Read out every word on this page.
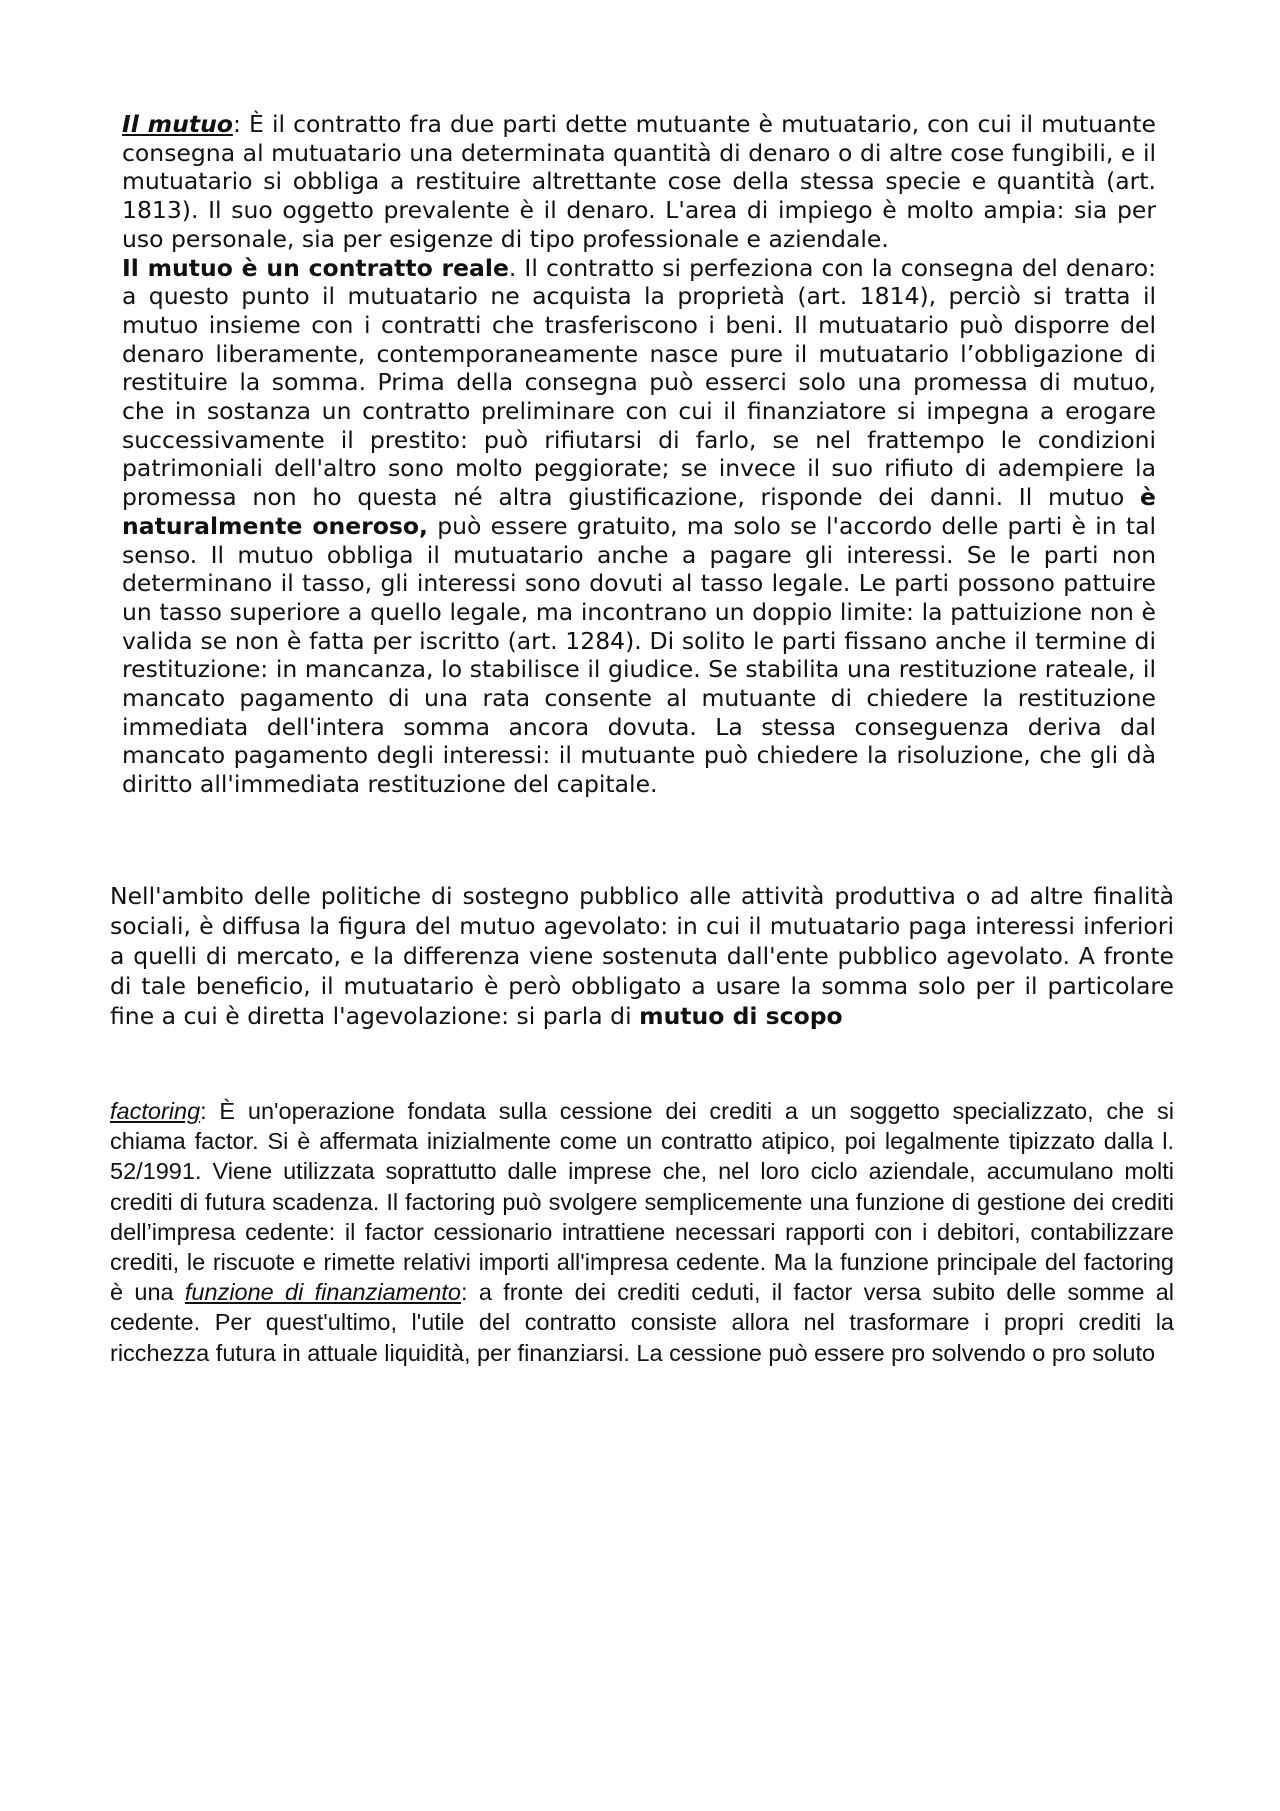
Il mutuo: È il contratto fra due parti dette mutuante è mutuatario, con cui il mutuante consegna al mutuatario una determinata quantità di denaro o di altre cose fungibili, e il mutuatario si obbliga a restituire altrettante cose della stessa specie e quantità (art. 1813). Il suo oggetto prevalente è il denaro. L'area di impiego è molto ampia: sia per uso personale, sia per esigenze di tipo professionale e aziendale.

Il mutuo è un contratto reale. Il contratto si perfeziona con la consegna del denaro: a questo punto il mutuatario ne acquista la proprietà (art. 1814), perciò si tratta il mutuo insieme con i contratti che trasferiscono i beni. Il mutuatario può disporre del denaro liberamente, contemporaneamente nasce pure il mutuatario l’obbligazione di restituire la somma. Prima della consegna può esserci solo una promessa di mutuo, che in sostanza un contratto preliminare con cui il finanziatore si impegna a erogare successivamente il prestito: può rifiutarsi di farlo, se nel frattempo le condizioni patrimoniali dell'altro sono molto peggiorate; se invece il suo rifiuto di adempiere la promessa non ho questa né altra giustificazione, risponde dei danni. Il mutuo è naturalmente oneroso, può essere gratuito, ma solo se l'accordo delle parti è in tal senso. Il mutuo obbliga il mutuatario anche a pagare gli interessi. Se le parti non determinano il tasso, gli interessi sono dovuti al tasso legale. Le parti possono pattuire un tasso superiore a quello legale, ma incontrano un doppio limite: la pattuizione non è valida se non è fatta per iscritto (art. 1284). Di solito le parti fissano anche il termine di restituzione: in mancanza, lo stabilisce il giudice. Se stabilita una restituzione rateale, il mancato pagamento di una rata consente al mutuante di chiedere la restituzione immediata dell'intera somma ancora dovuta. La stessa conseguenza deriva dal mancato pagamento degli interessi: il mutuante può chiedere la risoluzione, che gli dà diritto all'immediata restituzione del capitale.

Nell'ambito delle politiche di sostegno pubblico alle attività produttiva o ad altre finalità sociali, è diffusa la figura del mutuo agevolato: in cui il mutuatario paga interessi inferiori a quelli di mercato, e la differenza viene sostenuta dall'ente pubblico agevolato. A fronte di tale beneficio, il mutuatario è però obbligato a usare la somma solo per il particolare fine a cui è diretta l'agevolazione: si parla di mutuo di scopo

factoring: È un'operazione fondata sulla cessione dei crediti a un soggetto specializzato, che si chiama factor. Si è affermata inizialmente come un contratto atipico, poi legalmente tipizzato dalla l. 52/1991. Viene utilizzata soprattutto dalle imprese che, nel loro ciclo aziendale, accumulano molti crediti di futura scadenza. Il factoring può svolgere semplicemente una funzione di gestione dei crediti dell’impresa cedente: il factor cessionario intrattiene necessari rapporti con i debitori, contabilizzare crediti, le riscuote e rimette relativi importi all'impresa cedente. Ma la funzione principale del factoring è una funzione di finanziamento: a fronte dei crediti ceduti, il factor versa subito delle somme al cedente. Per quest'ultimo, l'utile del contratto consiste allora nel trasformare i propri crediti la ricchezza futura in attuale liquidità, per finanziarsi. La cessione può essere pro solvendo o pro soluto
